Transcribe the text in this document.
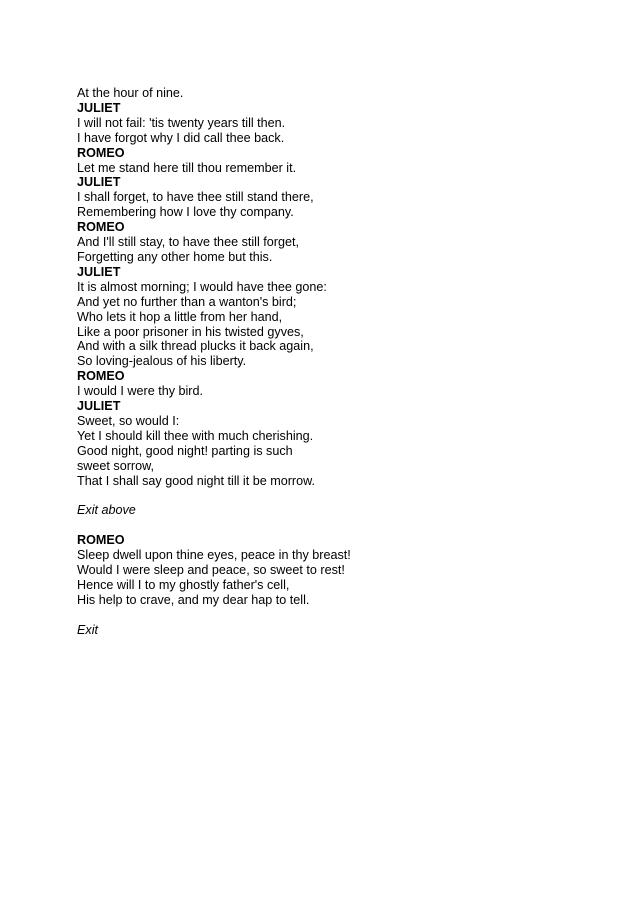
At the hour of nine.
JULIET
I will not fail: 'tis twenty years till then.
I have forgot why I did call thee back.
ROMEO
Let me stand here till thou remember it.
JULIET
I shall forget, to have thee still stand there,
Remembering how I love thy company.
ROMEO
And I'll still stay, to have thee still forget,
Forgetting any other home but this.
JULIET
It is almost morning; I would have thee gone:
And yet no further than a wanton's bird;
Who lets it hop a little from her hand,
Like a poor prisoner in his twisted gyves,
And with a silk thread plucks it back again,
So loving-jealous of his liberty.
ROMEO
I would I were thy bird.
JULIET
Sweet, so would I:
Yet I should kill thee with much cherishing.
Good night, good night! parting is such
sweet sorrow,
That I shall say good night till it be morrow.
Exit above
ROMEO
Sleep dwell upon thine eyes, peace in thy breast!
Would I were sleep and peace, so sweet to rest!
Hence will I to my ghostly father's cell,
His help to crave, and my dear hap to tell.
Exit
